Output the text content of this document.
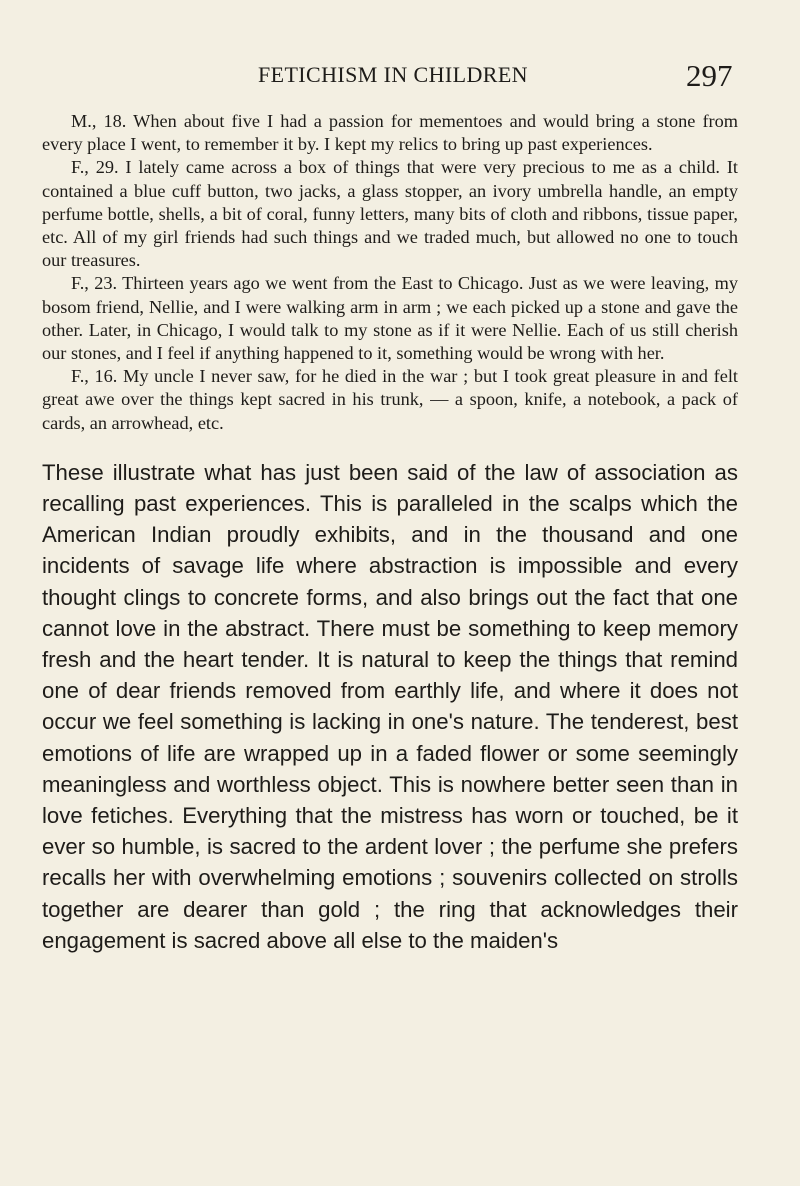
FETICHISM IN CHILDREN	297

M., 18. When about five I had a passion for mementoes and would bring a stone from every place I went, to remember it by. I kept my relics to bring up past experiences.

F., 29. I lately came across a box of things that were very precious to me as a child. It contained a blue cuff button, two jacks, a glass stopper, an ivory umbrella handle, an empty perfume bottle, shells, a bit of coral, funny letters, many bits of cloth and ribbons, tissue paper, etc. All of my girl friends had such things and we traded much, but allowed no one to touch our treasures.

F., 23. Thirteen years ago we went from the East to Chicago. Just as we were leaving, my bosom friend, Nellie, and I were walking arm in arm ; we each picked up a stone and gave the other. Later, in Chicago, I would talk to my stone as if it were Nellie. Each of us still cherish our stones, and I feel if anything happened to it, something would be wrong with her.

F., 16. My uncle I never saw, for he died in the war ; but I took great pleasure in and felt great awe over the things kept sacred in his trunk, — a spoon, knife, a notebook, a pack of cards, an arrowhead, etc.

These illustrate what has just been said of the law of association as recalling past experiences. This is paralleled in the scalps which the American Indian proudly exhibits, and in the thousand and one incidents of savage life where abstraction is impossible and every thought clings to concrete forms, and also brings out the fact that one cannot love in the abstract. There must be something to keep memory fresh and the heart tender. It is natural to keep the things that remind one of dear friends removed from earthly life, and where it does not occur we feel something is lacking in one's nature. The tenderest, best emotions of life are wrapped up in a faded flower or some seemingly meaningless and worthless object. This is nowhere better seen than in love fetiches. Everything that the mistress has worn or touched, be it ever so humble, is sacred to the ardent lover ; the perfume she prefers recalls her with overwhelming emotions ; souvenirs collected on strolls together are dearer than gold ; the ring that acknowledges their engagement is sacred above all else to the maiden's
